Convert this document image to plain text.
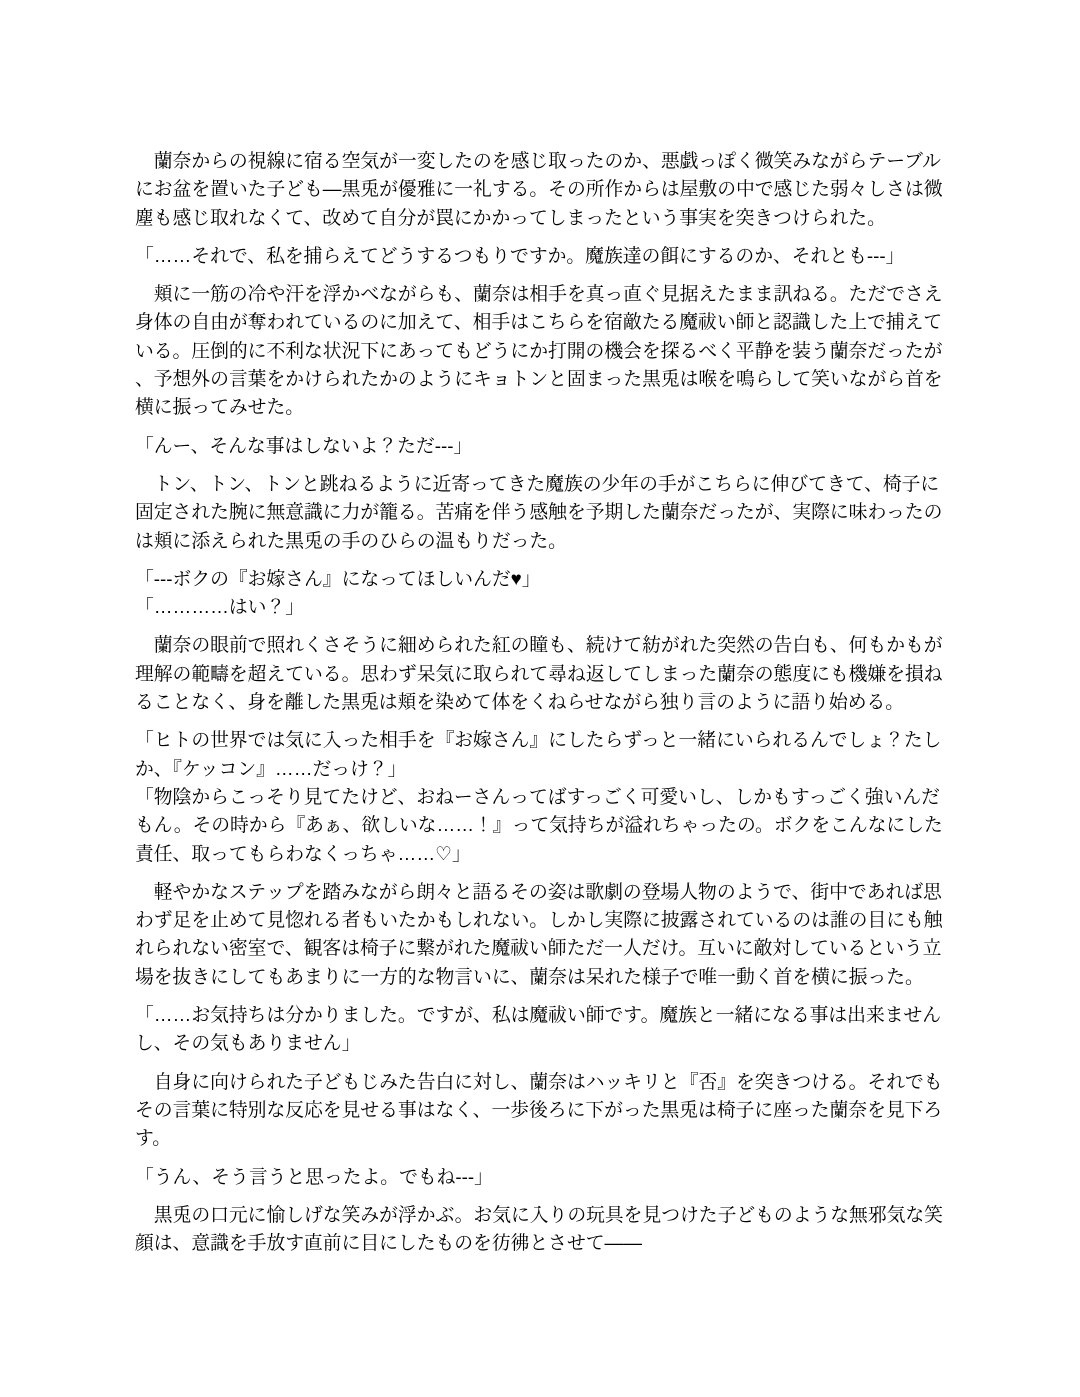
　蘭奈からの視線に宿る空気が一変したのを感じ取ったのか、悪戯っぽく微笑みながらテーブルにお盆を置いた子ども―黒兎が優雅に一礼する。その所作からは屋敷の中で感じた弱々しさは微塵も感じ取れなくて、改めて自分が罠にかかってしまったという事実を突きつけられた。

「……それで、私を捕らえてどうするつもりですか。魔族達の餌にするのか、それとも---」

　頬に一筋の冷や汗を浮かべながらも、蘭奈は相手を真っ直ぐ見据えたまま訊ねる。ただでさえ身体の自由が奪われているのに加えて、相手はこちらを宿敵たる魔祓い師と認識した上で捕えている。圧倒的に不利な状況下にあってもどうにか打開の機会を探るべく平静を装う蘭奈だったが、予想外の言葉をかけられたかのようにキョトンと固まった黒兎は喉を鳴らして笑いながら首を横に振ってみせた。

「んー、そんな事はしないよ？ただ---」

　トン、トン、トンと跳ねるように近寄ってきた魔族の少年の手がこちらに伸びてきて、椅子に固定された腕に無意識に力が籠る。苦痛を伴う感触を予期した蘭奈だったが、実際に味わったのは頬に添えられた黒兎の手のひらの温もりだった。

「---ボクの『お嫁さん』になってほしいんだ♥」

「…………はい？」

　蘭奈の眼前で照れくさそうに細められた紅の瞳も、続けて紡がれた突然の告白も、何もかもが理解の範疇を超えている。思わず呆気に取られて尋ね返してしまった蘭奈の態度にも機嫌を損ねることなく、身を離した黒兎は頬を染めて体をくねらせながら独り言のように語り始める。

「ヒトの世界では気に入った相手を『お嫁さん』にしたらずっと一緒にいられるんでしょ？たしか、『ケッコン』……だっけ？」

「物陰からこっそり見てたけど、おねーさんってばすっごく可愛いし、しかもすっごく強いんだもん。その時から『あぁ、欲しいな……！』って気持ちが溢れちゃったの。ボクをこんなにした責任、取ってもらわなくっちゃ……♡」

　軽やかなステップを踏みながら朗々と語るその姿は歌劇の登場人物のようで、街中であれば思わず足を止めて見惚れる者もいたかもしれない。しかし実際に披露されているのは誰の目にも触れられない密室で、観客は椅子に繋がれた魔祓い師ただ一人だけ。互いに敵対しているという立場を抜きにしてもあまりに一方的な物言いに、蘭奈は呆れた様子で唯一動く首を横に振った。

「……お気持ちは分かりました。ですが、私は魔祓い師です。魔族と一緒になる事は出来ませんし、その気もありません」

　自身に向けられた子どもじみた告白に対し、蘭奈はハッキリと『否』を突きつける。それでもその言葉に特別な反応を見せる事はなく、一歩後ろに下がった黒兎は椅子に座った蘭奈を見下ろす。

「うん、そう言うと思ったよ。でもね---」

　黒兎の口元に愉しげな笑みが浮かぶ。お気に入りの玩具を見つけた子どものような無邪気な笑顔は、意識を手放す直前に目にしたものを彷彿とさせて――
